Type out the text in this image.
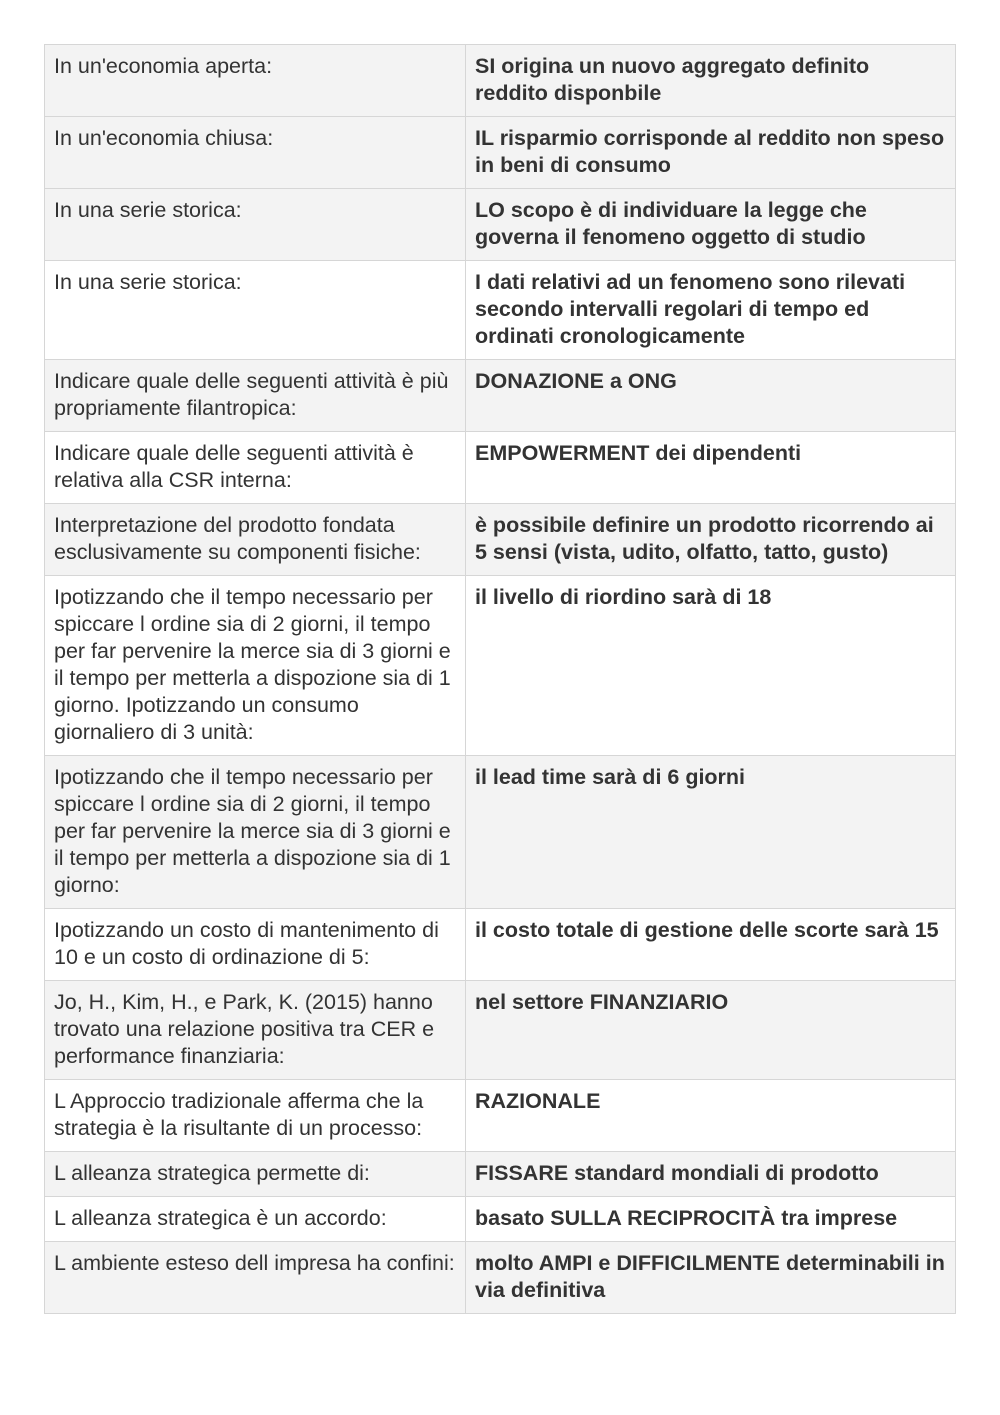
In un'economia aperta:	SI origina un nuovo aggregato definito reddito disponbile
In un'economia chiusa:	IL risparmio corrisponde al reddito non speso in beni di consumo
In una serie storica:	LO scopo è di individuare la legge che governa il fenomeno oggetto di studio
In una serie storica:	I dati relativi ad un fenomeno sono rilevati secondo intervalli regolari di tempo ed ordinati cronologicamente
Indicare quale delle seguenti attività è più propriamente filantropica:	DONAZIONE a ONG
Indicare quale delle seguenti attività è relativa alla CSR interna:	EMPOWERMENT dei dipendenti
Interpretazione del prodotto fondata esclusivamente su componenti fisiche:	è possibile definire un prodotto ricorrendo ai 5 sensi (vista, udito, olfatto, tatto, gusto)
Ipotizzando che il tempo necessario per spiccare l ordine sia di 2 giorni, il tempo per far pervenire la merce sia di 3 giorni e il tempo per metterla a dispozione sia di 1 giorno. Ipotizzando un consumo giornaliero di 3 unità:	il livello di riordino sarà di 18
Ipotizzando che il tempo necessario per spiccare l ordine sia di 2 giorni, il tempo per far pervenire la merce sia di 3 giorni e il tempo per metterla a dispozione sia di 1 giorno:	il lead time sarà di 6 giorni
Ipotizzando un costo di mantenimento di 10 e un costo di ordinazione di 5:	il costo totale di gestione delle scorte sarà 15
Jo, H., Kim, H., e Park, K. (2015) hanno trovato una relazione positiva tra CER e performance finanziaria:	nel settore FINANZIARIO
L Approccio tradizionale afferma che la strategia è la risultante di un processo:	RAZIONALE
L alleanza strategica permette di:	FISSARE standard mondiali di prodotto
L alleanza strategica è un accordo:	basato SULLA RECIPROCITÀ tra imprese
L ambiente esteso dell impresa ha confini:	molto AMPI e DIFFICILMENTE determinabili in via definitiva
